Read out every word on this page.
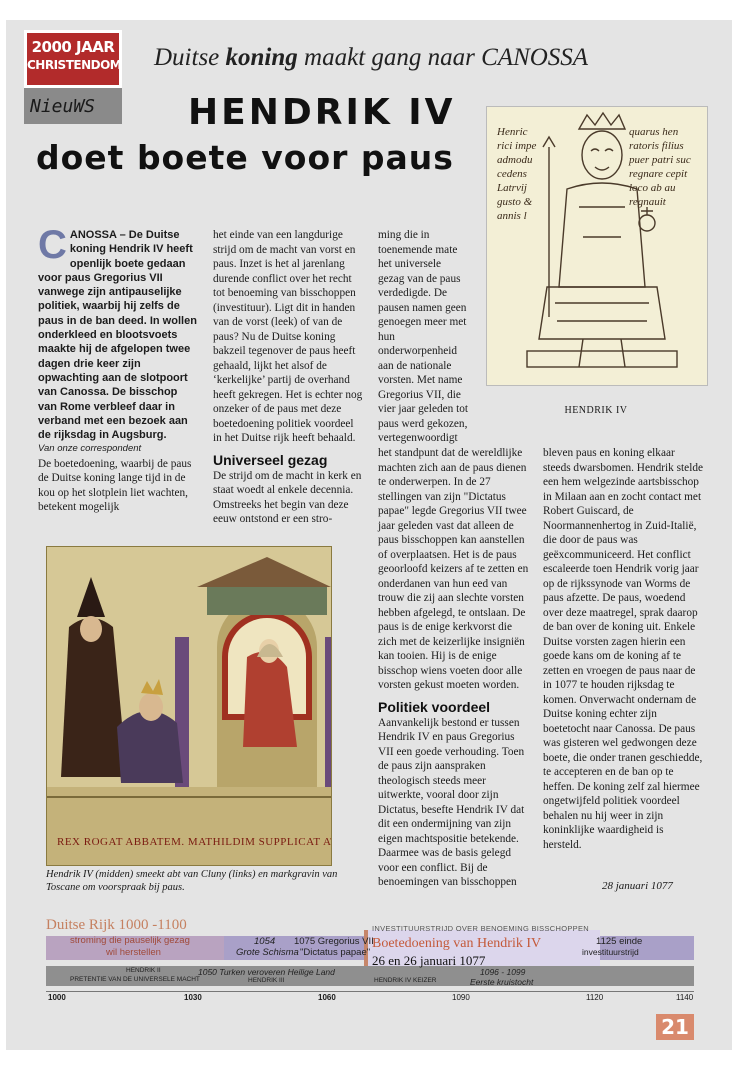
2000 JAAR
CHRISTENDOM
NieuWS
Duitse koning maakt gang naar CANOSSA
HENDRIK IV
doet boete voor paus
C ANOSSA – De Duitse koning Hendrik IV heeft openlijk boete gedaan voor paus Gregorius VII vanwege zijn antipauselijke politiek, waarbij hij zelfs de paus in de ban deed. In wollen onderkleed en blootsvoets maakte hij de afgelopen twee dagen drie keer zijn opwachting aan de slotpoort van Canossa. De bisschop van Rome verbleef daar in verband met een bezoek aan de rijksdag in Augsburg.

Van onze correspondent

De boetedoening, waarbij de paus de Duitse koning lange tijd in de kou op het slotplein liet wachten, betekent mogelijk

het einde van een langdurige strijd om de macht van vorst en paus. Inzet is het al jarenlang durende conflict over het recht tot benoeming van bisschoppen (investituur). Ligt dit in handen van de vorst (leek) of van de paus? Nu de Duitse koning bakzeil tegenover de paus heeft gehaald, lijkt het alsof de ‘kerkelijke’ partij de overhand heeft gekregen. Het is echter nog onzeker of de paus met deze boetedoening politiek voordeel in het Duitse rijk heeft behaald.

Universeel gezag

De strijd om de macht in kerk en staat woedt al enkele decennia. Omstreeks het begin van deze eeuw ontstond er een stro-

ming die in toenemende mate het universele gezag van de paus verdedigde. De pausen namen geen genoegen meer met hun onderworpenheid aan de nationale vorsten. Met name Gregorius VII, die vier jaar geleden tot paus werd gekozen, vertegenwoordigt

het standpunt dat de wereldlijke machten zich aan de paus dienen te onderwerpen. In de 27 stellingen van zijn "Dictatus papae" legde Gregorius VII twee jaar geleden vast dat alleen de paus bisschoppen kan aanstellen of overplaatsen. Het is de paus geoorloofd keizers af te zetten en onderdanen van hun eed van trouw die zij aan slechte vorsten hebben afgelegd, te ontslaan. De paus is de enige kerkvorst die zich met de keizerlijke insigniën kan tooien. Hij is de enige bisschop wiens voeten door alle vorsten gekust moeten worden.

Politiek voordeel

Aanvankelijk bestond er tussen Hendrik IV en paus Gregorius VII een goede verhouding. Toen de paus zijn aanspraken theologisch steeds meer uitwerkte, vooral door zijn Dictatus, besefte Hendrik IV dat dit een ondermijning van zijn eigen machtspositie betekende. Daarmee was de basis gelegd voor een conflict. Bij de benoemingen van bisschoppen

bleven paus en koning elkaar steeds dwarsbomen. Hendrik stelde een hem welgezinde aartsbisschop in Milaan aan en zocht contact met Robert Guiscard, de Noormannenhertog in Zuid-Italië, die door de paus was geëxcommuniceerd. Het conflict escaleerde toen Hendrik vorig jaar op de rijkssynode van Worms de paus afzette. De paus, woedend over deze maatregel, sprak daarop de ban over de koning uit. Enkele Duitse vorsten zagen hierin een goede kans om de koning af te zetten en vroegen de paus naar de in 1077 te houden rijksdag te komen. Onverwacht ondernam de Duitse koning echter zijn boetetocht naar Canossa. De paus was gisteren wel gedwongen deze boete, die onder tranen geschiedde, te accepteren en de ban op te heffen. De koning zelf zal hiermee ongetwijfeld politiek voordeel behalen nu hij weer in zijn koninklijke waardigheid is hersteld.

28 januari 1077
Henric
rici impe
admodu
cedens
Latrvij
gusto &
annis l
quarus hen
ratoris filius
puer patri suc
regnare cepit
loco ab au
regnauit
HENDRIK IV
REX ROGAT ABBATEM. MATHILDIM SUPPLICAT ATQ
Hendrik IV (midden) smeekt abt van Cluny (links) en markgravin van Toscane om voorspraak bij paus.
Duitse Rijk 1000 -1100
stroming die pauselijk gezag
wil herstellen
1054
Grote Schisma
1075 Gregorius VII
"Dictatus papae"
INVESTITUURSTRIJD OVER BENOEMING BISSCHOPPEN
Boetedoening van Hendrik IV
26 en 26 januari 1077
1125 einde
investituurstrijd
HENDRIK II
PRETENTIE VAN DE UNIVERSELE MACHT
1050 Turken veroveren Heilige Land
HENDRIK III	HENDRIK IV KEIZER
1096 - 1099
Eerste kruistocht
1000	1030	1060	1090	1120	1140
21
